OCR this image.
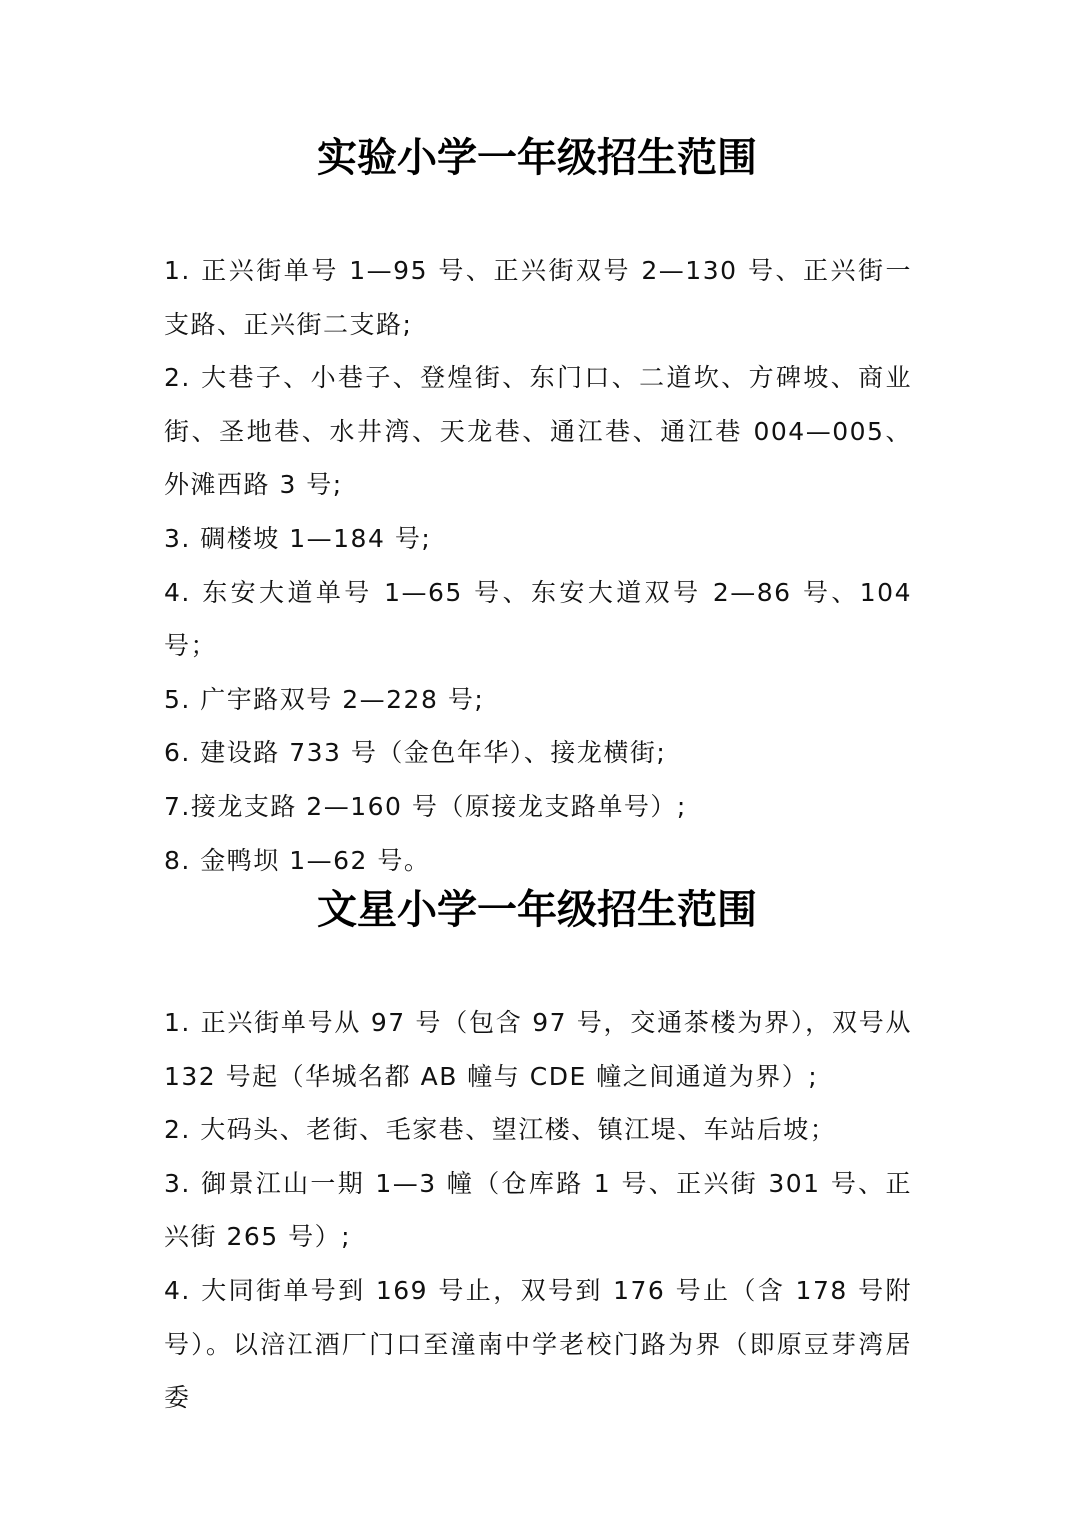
实验小学一年级招生范围
1. 正兴街单号 1—95 号、正兴街双号 2—130 号、正兴街一支路、正兴街二支路;
2. 大巷子、小巷子、登煌街、东门口、二道坎、方碑坡、商业街、圣地巷、水井湾、天龙巷、通江巷、通江巷 004—005、外滩西路 3 号;
3. 碉楼坡 1—184 号;
4. 东安大道单号 1—65 号、东安大道双号 2—86 号、104 号；
5. 广宇路双号 2—228 号;
6. 建设路 733 号（金色年华）、接龙横街;
7.接龙支路 2—160 号（原接龙支路单号）;
8. 金鸭坝 1—62 号。
文星小学一年级招生范围
1. 正兴街单号从 97 号（包含 97 号，交通茶楼为界），双号从 132 号起（华城名都 AB 幢与 CDE 幢之间通道为界）;
2. 大码头、老街、毛家巷、望江楼、镇江堤、车站后坡；
3. 御景江山一期 1—3 幢（仓库路 1 号、正兴街 301 号、正兴街 265 号）;
4. 大同街单号到 169 号止，双号到 176 号止（含 178 号附号）。以涪江酒厂门口至潼南中学老校门路为界（即原豆芽湾居委
